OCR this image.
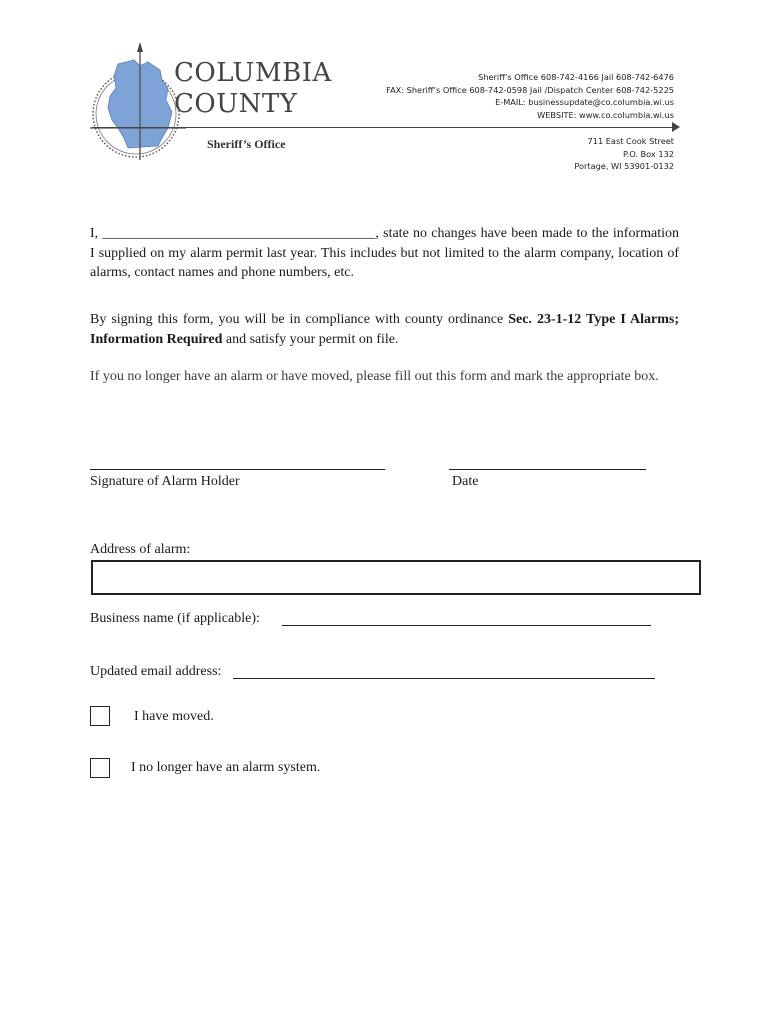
COLUMBIA
COUNTY
Sheriff’s Office
Sheriff’s Office 608-742-4166 Jail 608-742-6476
FAX: Sheriff’s Office 608-742-0598 Jail /Dispatch Center 608-742-5225
E-MAIL: businessupdate@co.columbia.wi.us
WEBSITE: www.co.columbia.wi.us
711 East Cook Street
P.O. Box 132
Portage, WI 53901-0132
I, _______________________________________, state no changes have been made to the information I supplied on my alarm permit last year. This includes but not limited to the alarm company, location of alarms, contact names and phone numbers, etc.
By signing this form, you will be in compliance with county ordinance Sec. 23-1-12 Type I Alarms; Information Required and satisfy your permit on file.
If you no longer have an alarm or have moved, please fill out this form and mark the appropriate box.
Signature of Alarm Holder	Date
Address of alarm:
Business name (if applicable):
Updated email address:
I have moved.
I no longer have an alarm system.
